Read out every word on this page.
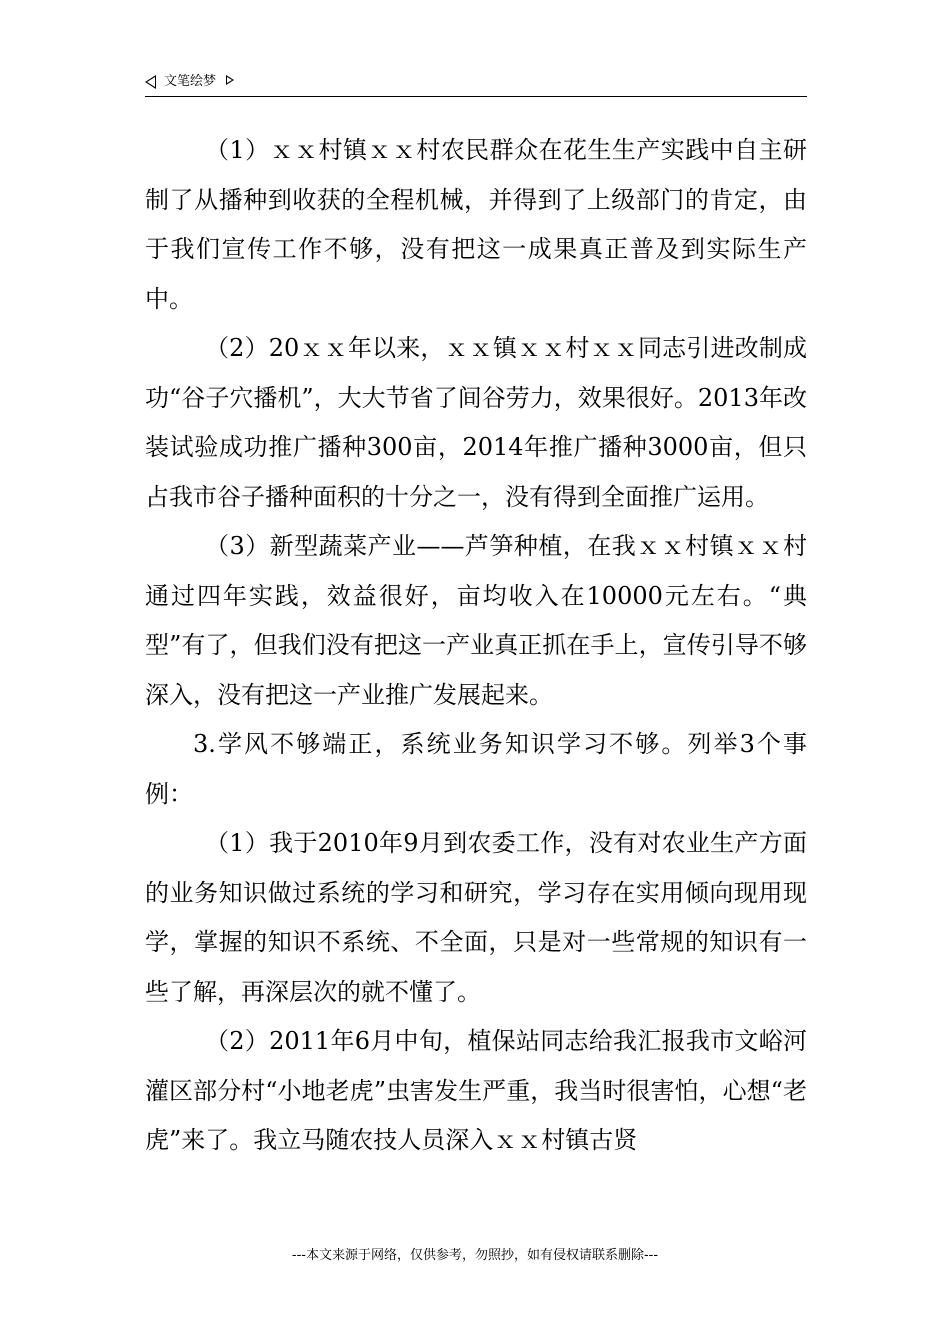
文笔绘梦

（1）ｘｘ村镇ｘｘ村农民群众在花生生产实践中自主研制了从播种到收获的全程机械，并得到了上级部门的肯定，由于我们宣传工作不够，没有把这一成果真正普及到实际生产中。

（2）20ｘｘ年以来，ｘｘ镇ｘｘ村ｘｘ同志引进改制成功“谷子穴播机”，大大节省了间谷劳力，效果很好。2013年改装试验成功推广播种300亩，2014年推广播种3000亩，但只占我市谷子播种面积的十分之一，没有得到全面推广运用。

（3）新型蔬菜产业——芦笋种植，在我ｘｘ村镇ｘｘ村通过四年实践，效益很好，亩均收入在10000元左右。“典型”有了，但我们没有把这一产业真正抓在手上，宣传引导不够深入，没有把这一产业推广发展起来。

3.学风不够端正，系统业务知识学习不够。列举3个事例：

（1）我于2010年9月到农委工作，没有对农业生产方面的业务知识做过系统的学习和研究，学习存在实用倾向现用现学，掌握的知识不系统、不全面，只是对一些常规的知识有一些了解，再深层次的就不懂了。

（2）2011年6月中旬，植保站同志给我汇报我市文峪河灌区部分村“小地老虎”虫害发生严重，我当时很害怕，心想“老虎”来了。我立马随农技人员深入ｘｘ村镇古贤

---本文来源于网络，仅供参考，勿照抄，如有侵权请联系删除---
